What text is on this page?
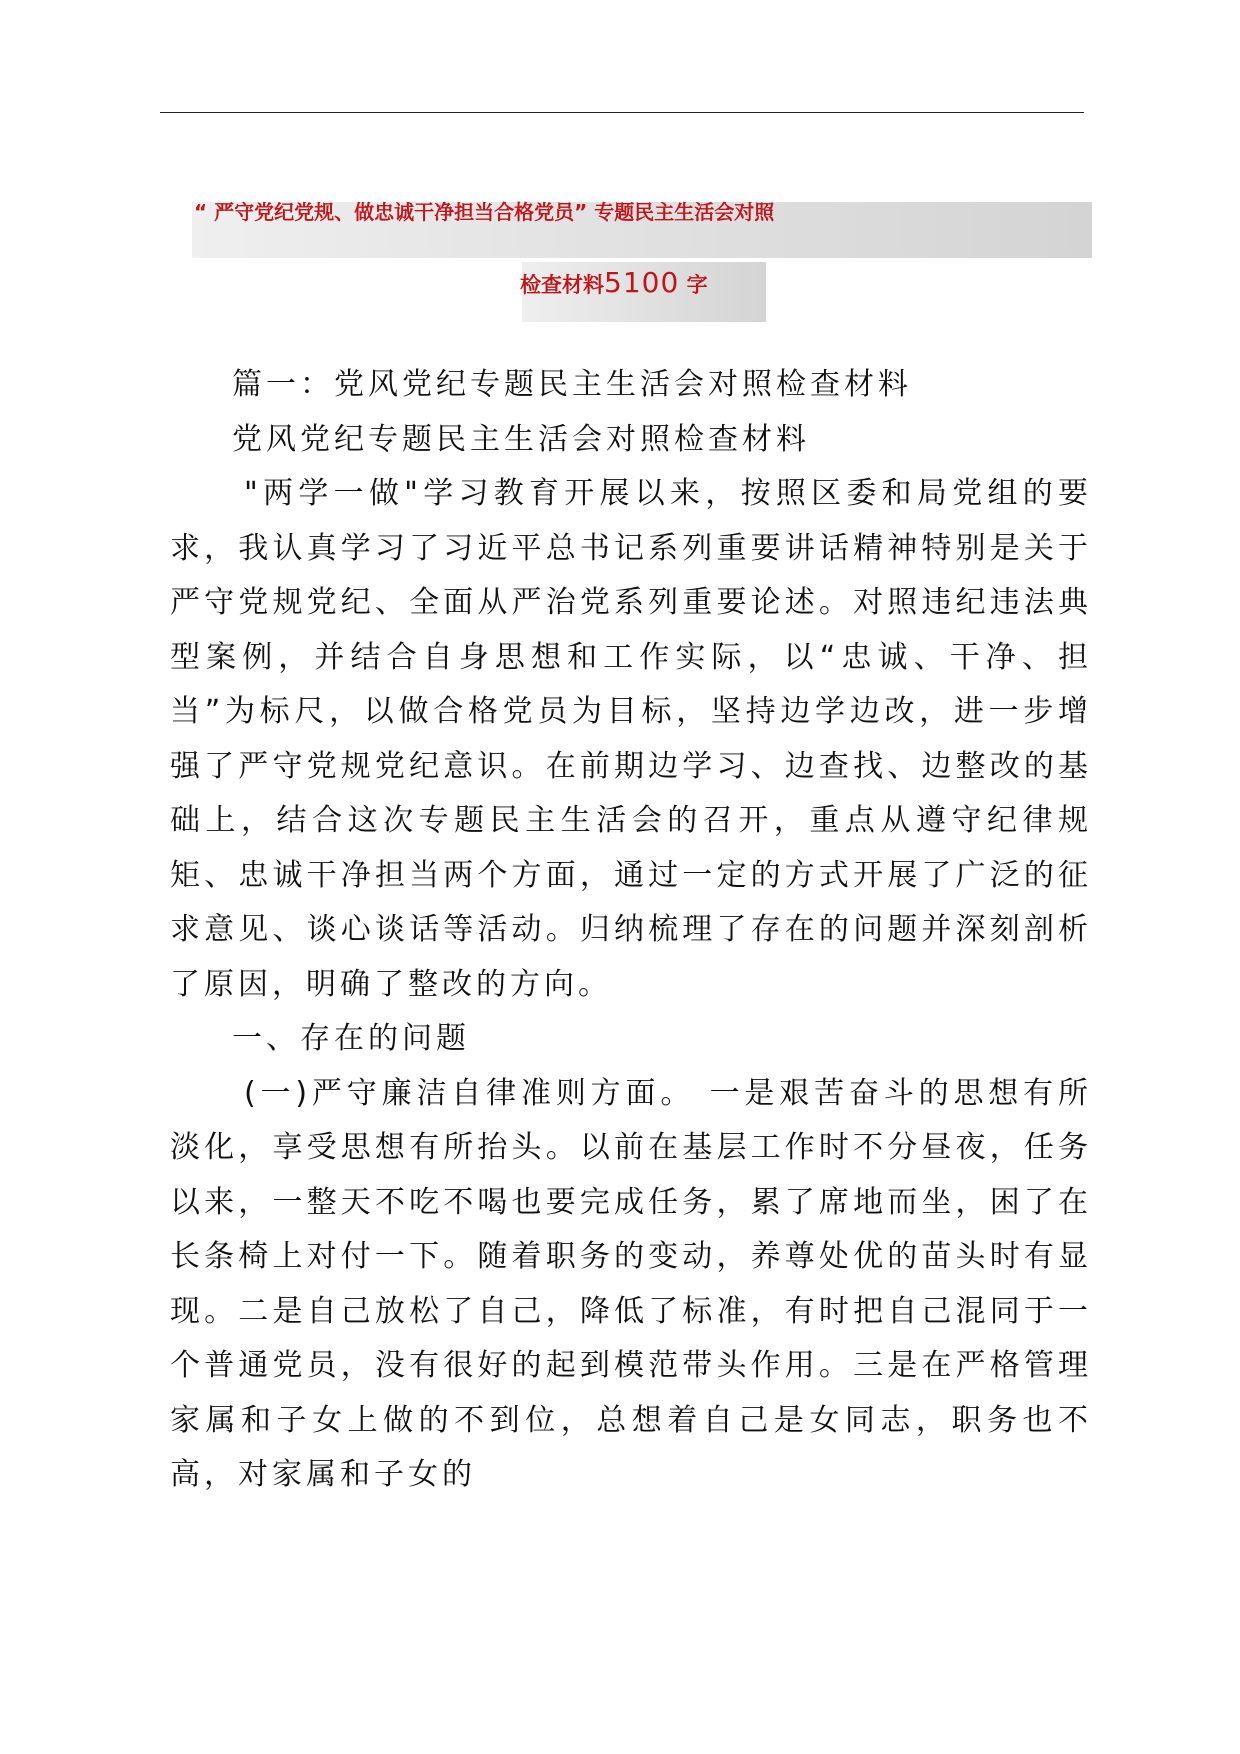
“ 严守党纪党规、做忠诚干净担当合格党员” 专题民主生活会对照
检查材料5100 字

篇一：党风党纪专题民主生活会对照检查材料

党风党纪专题民主生活会对照检查材料

"两学一做"学习教育开展以来，按照区委和局党组的要求，我认真学习了习近平总书记系列重要讲话精神特别是关于严守党规党纪、全面从严治党系列重要论述。对照违纪违法典型案例，并结合自身思想和工作实际，以“忠诚、干净、担当”为标尺，以做合格党员为目标，坚持边学边改，进一步增强了严守党规党纪意识。在前期边学习、边查找、边整改的基础上，结合这次专题民主生活会的召开，重点从遵守纪律规矩、忠诚干净担当两个方面，通过一定的方式开展了广泛的征求意见、谈心谈话等活动。归纳梳理了存在的问题并深刻剖析了原因，明确了整改的方向。

一、存在的问题

(一)严守廉洁自律准则方面。 一是艰苦奋斗的思想有所淡化，享受思想有所抬头。以前在基层工作时不分昼夜，任务以来，一整天不吃不喝也要完成任务，累了席地而坐，困了在长条椅上对付一下。随着职务的变动，养尊处优的苗头时有显现。二是自己放松了自己，降低了标准，有时把自己混同于一个普通党员，没有很好的起到模范带头作用。三是在严格管理家属和子女上做的不到位，总想着自己是女同志，职务也不高，对家属和子女的
